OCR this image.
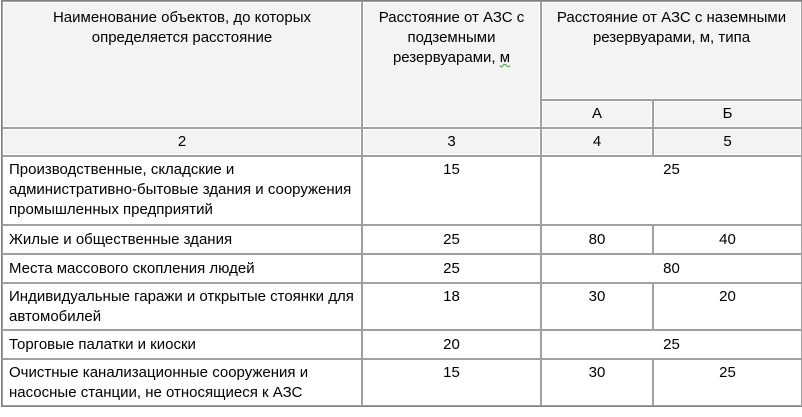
Наименование объектов, до которых определяется расстояние	Расстояние от АЗС с подземными резервуарами, м	Расстояние от АЗС с наземными резервуарами, м, типа	
		А	Б
2	3	4	5
Производственные, складские и административно-бытовые здания и сооружения промышленных предприятий	15	25	
Жилые и общественные здания	25	80	40
Места массового скопления людей	25	80	
Индивидуальные гаражи и открытые стоянки для автомобилей	18	30	20
Торговые палатки и киоски	20	25	
Очистные канализационные сооружения и насосные станции, не относящиеся к АЗС	15	30	25
